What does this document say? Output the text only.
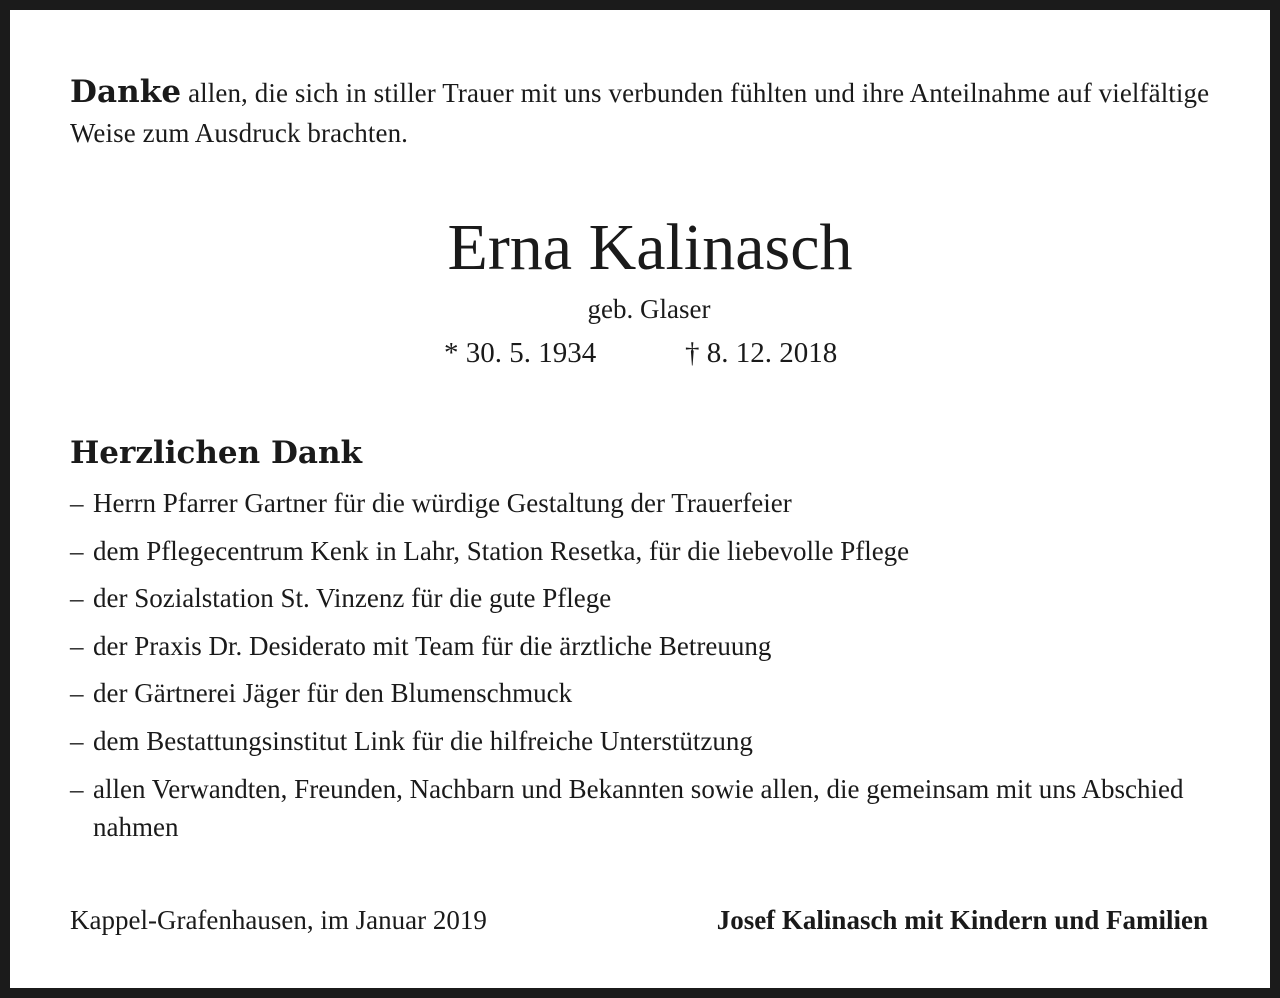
Danke allen, die sich in stiller Trauer mit uns verbunden fühlten und ihre Anteilnahme auf vielfältige Weise zum Ausdruck brachten.

Erna Kalinasch
geb. Glaser
* 30. 5. 1934	† 8. 12. 2018
Herzlichen Dank
– Herrn Pfarrer Gartner für die würdige Gestaltung der Trauerfeier
– dem Pflegecentrum Kenk in Lahr, Station Resetka, für die liebevolle Pflege
– der Sozialstation St. Vinzenz für die gute Pflege
– der Praxis Dr. Desiderato mit Team für die ärztliche Betreuung
– der Gärtnerei Jäger für den Blumenschmuck
– dem Bestattungsinstitut Link für die hilfreiche Unterstützung
– allen Verwandten, Freunden, Nachbarn und Bekannten sowie allen, die gemeinsam mit uns Abschied nahmen
Kappel-Grafenhausen, im Januar 2019	Josef Kalinasch mit Kindern und Familien
